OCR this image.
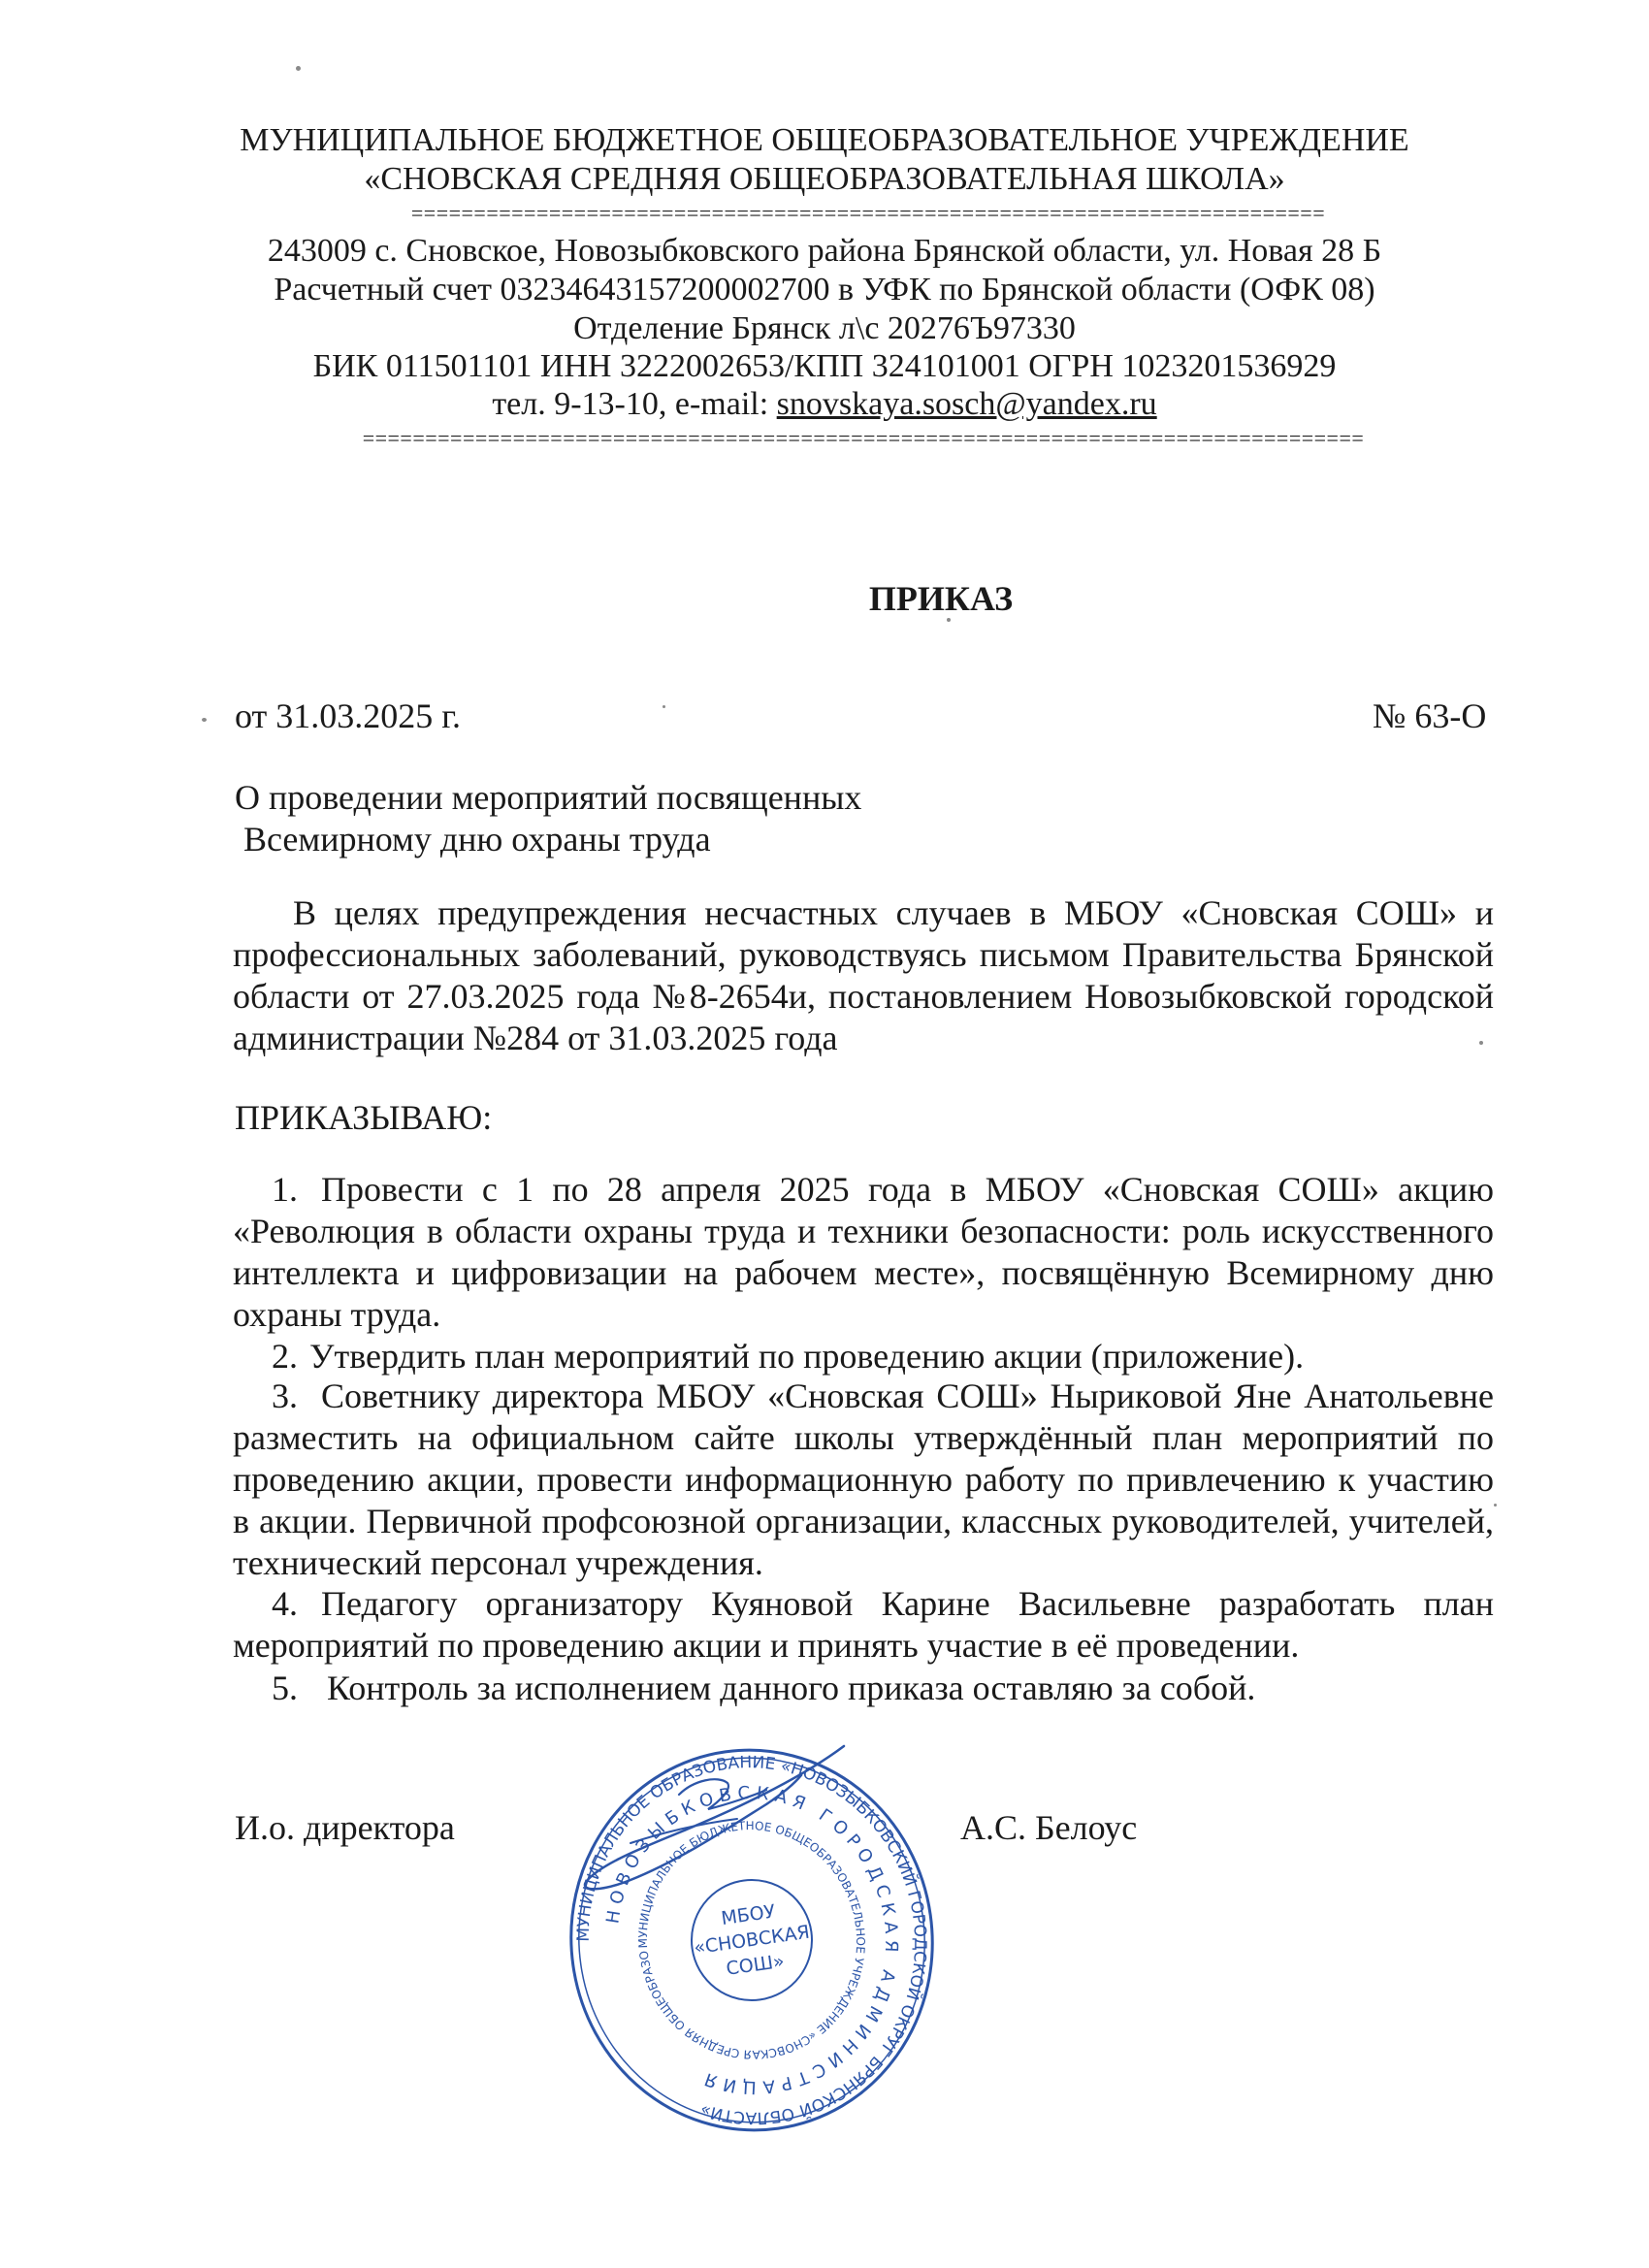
МУНИЦИПАЛЬНОЕ БЮДЖЕТНОЕ ОБЩЕОБРАЗОВАТЕЛЬНОЕ УЧРЕЖДЕНИЕ
«СНОВСКАЯ СРЕДНЯЯ ОБЩЕОБРАЗОВАТЕЛЬНАЯ ШКОЛА»
=========================================================================
243009 с. Сновское, Новозыбковского района Брянской области, ул. Новая 28 Б
Расчетный счет 03234643157200002700 в УФК по Брянской области (ОФК 08)
Отделение Брянск л\с 20276Ъ97330
БИК 011501101 ИНН 3222002653/КПП 324101001 ОГРН 1023201536929
тел. 9-13-10, e-mail: snovskaya.sosch@yandex.ru
================================================================================
ПРИКАЗ
от 31.03.2025 г.	№ 63-О
О проведении мероприятий посвященных
Всемирному дню охраны труда
В целях предупреждения несчастных случаев в МБОУ «Сновская СОШ» и
профессиональных заболеваний, руководствуясь письмом Правительства Брянской
области от 27.03.2025 года №8-2654и, постановлением Новозыбковской городской
администрации №284 от 31.03.2025 года
ПРИКАЗЫВАЮ:
1. Провести с 1 по 28 апреля 2025 года в МБОУ «Сновская СОШ» акцию
«Революция в области охраны труда и техники безопасности: роль искусственного
интеллекта и цифровизации на рабочем месте», посвящённую Всемирному дню
охраны труда.
2. Утвердить план мероприятий по проведению акции (приложение).
3. Советнику директора МБОУ «Сновская СОШ» Нырикoвой Яне Анатольевне
разместить на официальном сайте школы утверждённый план мероприятий по
проведению акции, провести информационную работу по привлечению к участию
в акции. Первичной профсоюзной организации, классных руководителей, учителей,
технический персонал учреждения.
4. Педагогу организатору Куяновой Карине Васильевне разработать план
мероприятий по проведению акции и принять участие в её проведении.
5. Контроль за исполнением данного приказа оставляю за собой.
И.о. директора	А.С. Белоус
МУНИЦИПАЛЬНОЕ ОБРАЗОВАНИЕ «НОВОЗЫБКОВСКИЙ ГОРОДСКОЙ ОКРУГ БРЯНСКОЙ ОБЛАСТИ»
НОВОЗЫБКОВСКАЯ ГОРОДСКАЯ АДМИНИСТРАЦИЯ
МУНИЦИПАЛЬНОЕ БЮДЖЕТНОЕ ОБЩЕОБРАЗОВАТЕЛЬНОЕ УЧРЕЖДЕНИЕ «СНОВСКАЯ СРЕДНЯЯ ОБЩЕОБРАЗОВАТЕЛЬНАЯ
МБОУ
«СНОВСКАЯ
СОШ»
